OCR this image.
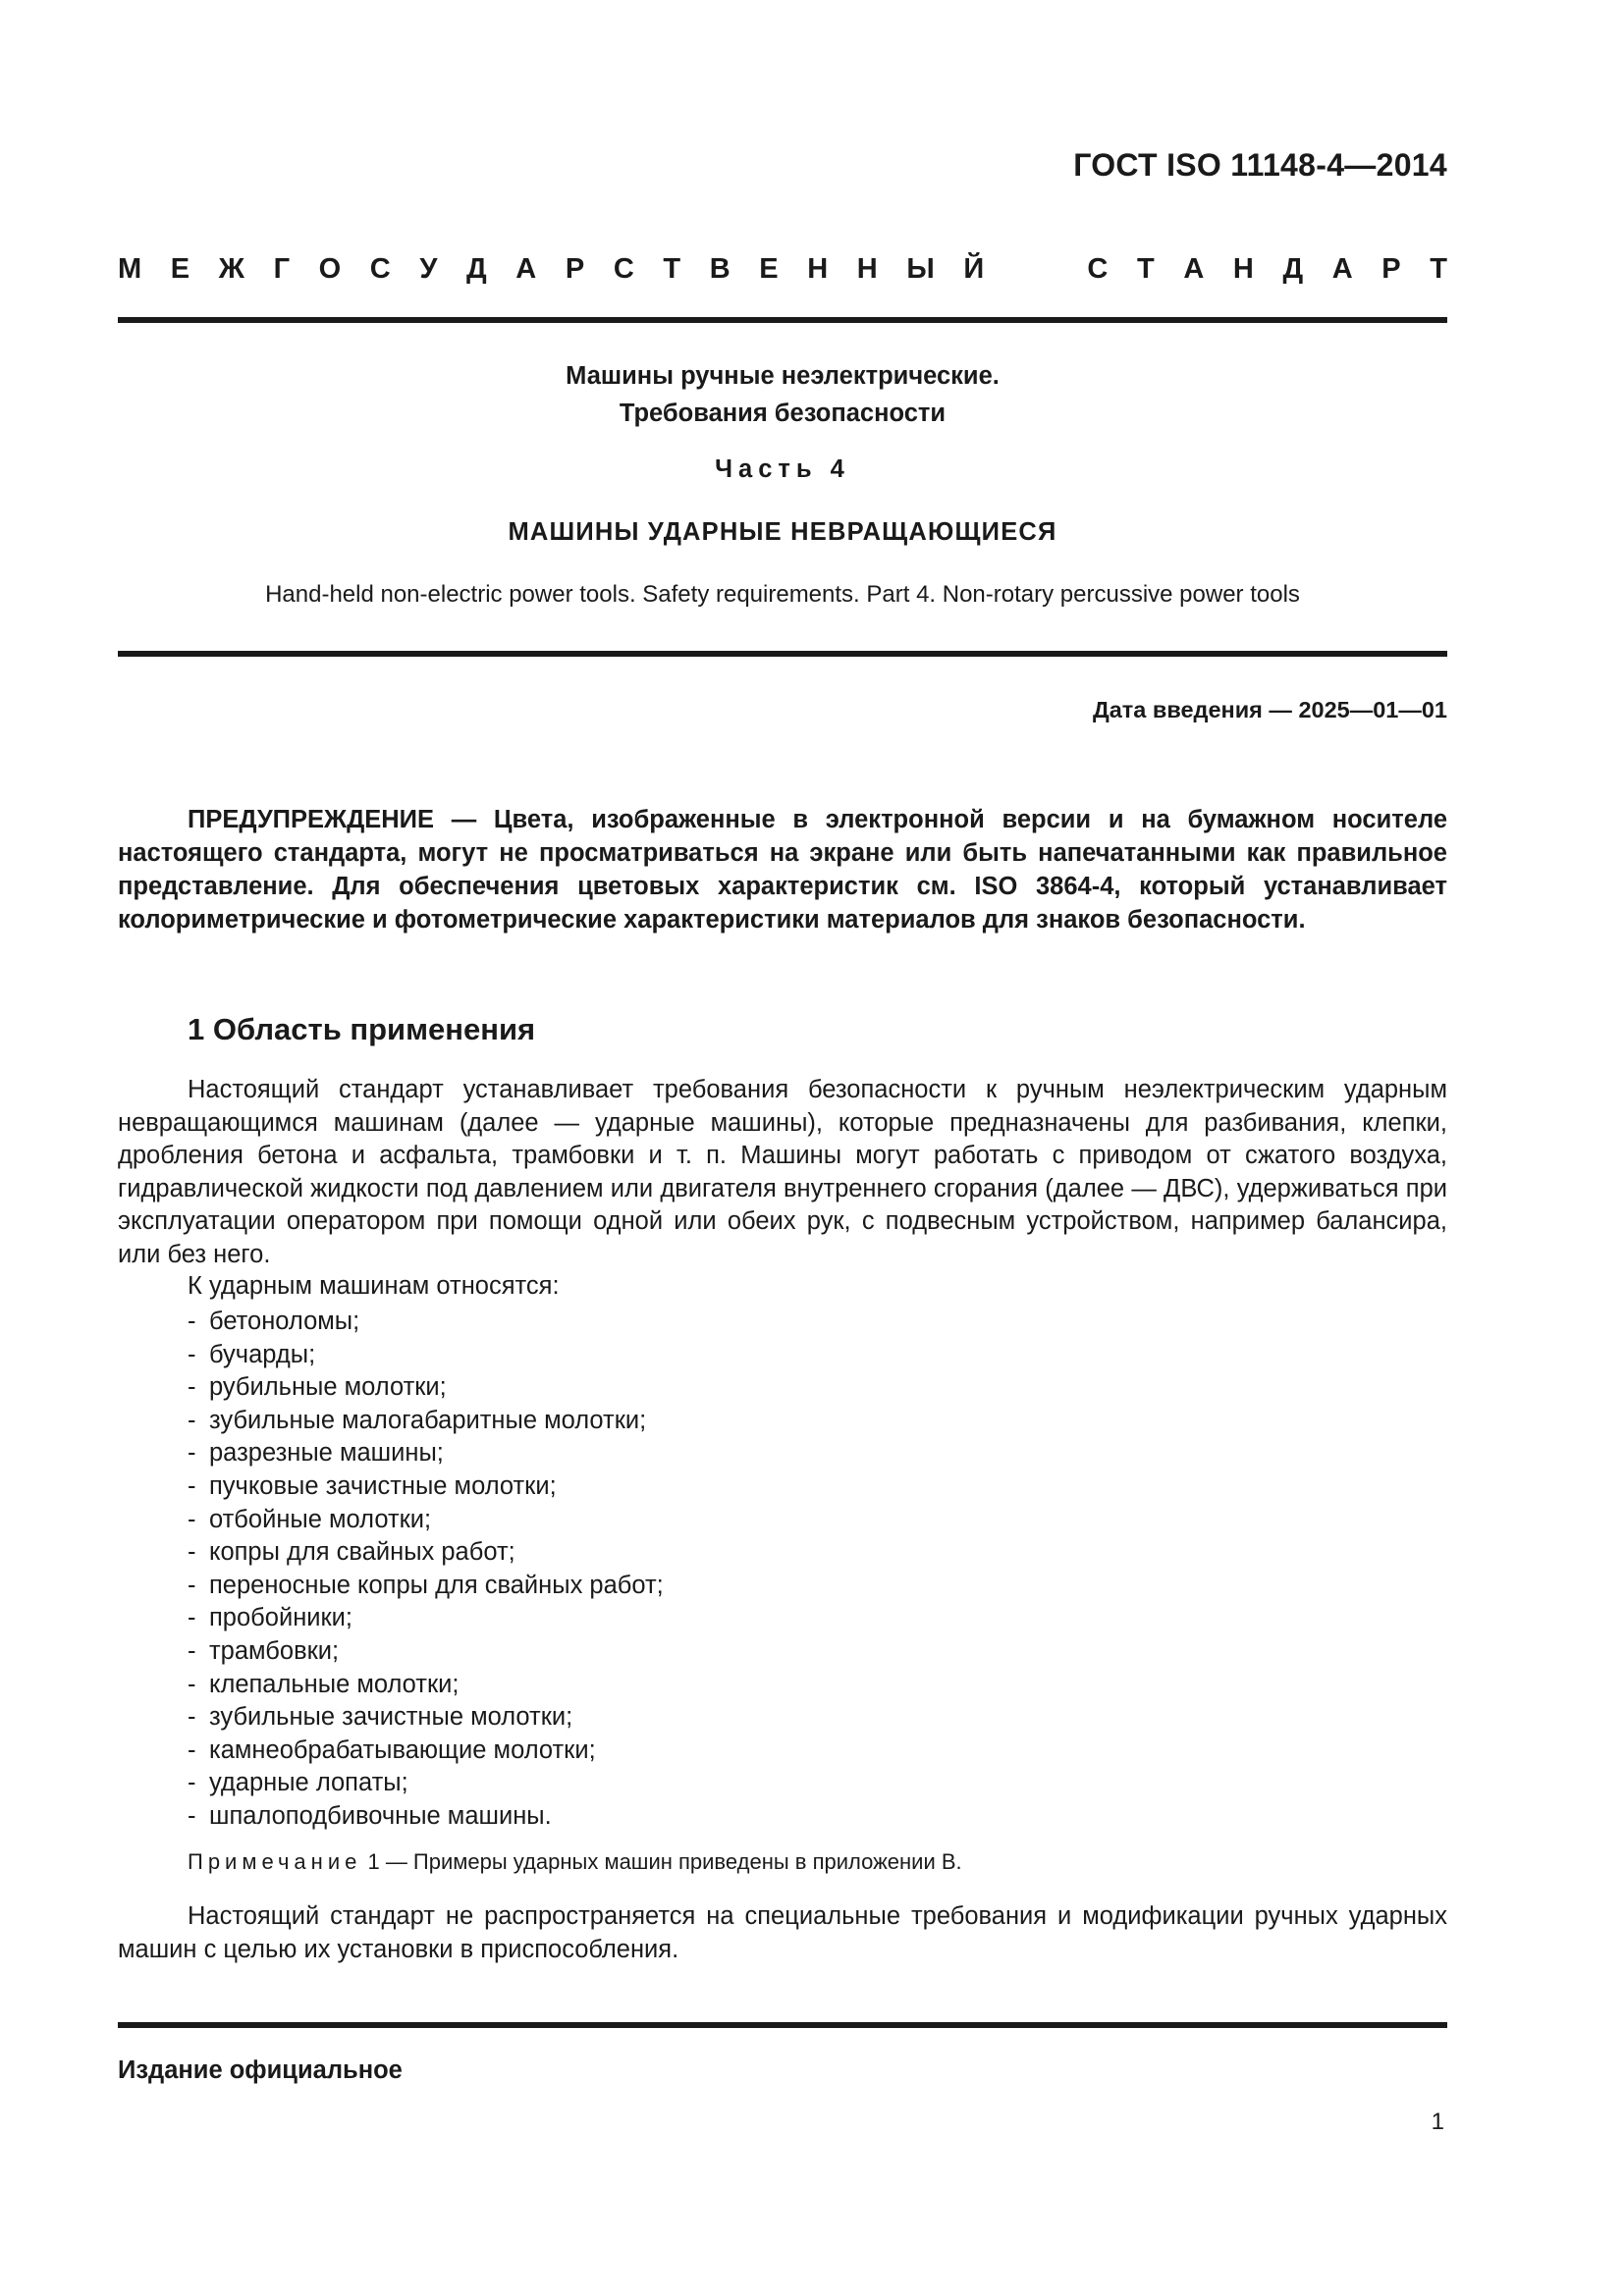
ГОСТ ISO 11148-4—2014
М Е Ж Г О С У Д А Р С Т В Е Н Н Ы Й	С Т А Н Д А Р Т
Машины ручные неэлектрические.
Требования безопасности
Часть 4
МАШИНЫ УДАРНЫЕ НЕВРАЩАЮЩИЕСЯ
Hand-held non-electric power tools. Safety requirements. Part 4. Non-rotary percussive power tools
Дата введения — 2025—01—01

ПРЕДУПРЕЖДЕНИЕ — Цвета, изображенные в электронной версии и на бумажном носителе настоящего стандарта, могут не просматриваться на экране или быть напечатанными как правильное представление. Для обеспечения цветовых характеристик см. ISO 3864-4, который устанавливает колориметрические и фотометрические характеристики материалов для знаков безопасности.

1 Область применения

Настоящий стандарт устанавливает требования безопасности к ручным неэлектрическим ударным невращающимся машинам (далее — ударные машины), которые предназначены для разбивания, клепки, дробления бетона и асфальта, трамбовки и т. п. Машины могут работать с приводом от сжатого воздуха, гидравлической жидкости под давлением или двигателя внутреннего сгорания (далее — ДВС), удерживаться при эксплуатации оператором при помощи одной или обеих рук, с подвесным устройством, например балансира, или без него.

К ударным машинам относятся:
- бетоноломы;
- бучарды;
- рубильные молотки;
- зубильные малогабаритные молотки;
- разрезные машины;
- пучковые зачистные молотки;
- отбойные молотки;
- копры для свайных работ;
- переносные копры для свайных работ;
- пробойники;
- трамбовки;
- клепальные молотки;
- зубильные зачистные молотки;
- камнеобрабатывающие молотки;
- ударные лопаты;
- шпалоподбивочные машины.
Примечание 1 — Примеры ударных машин приведены в приложении В.

Настоящий стандарт не распространяется на специальные требования и модификации ручных ударных машин с целью их установки в приспособления.

Издание официальное
1
